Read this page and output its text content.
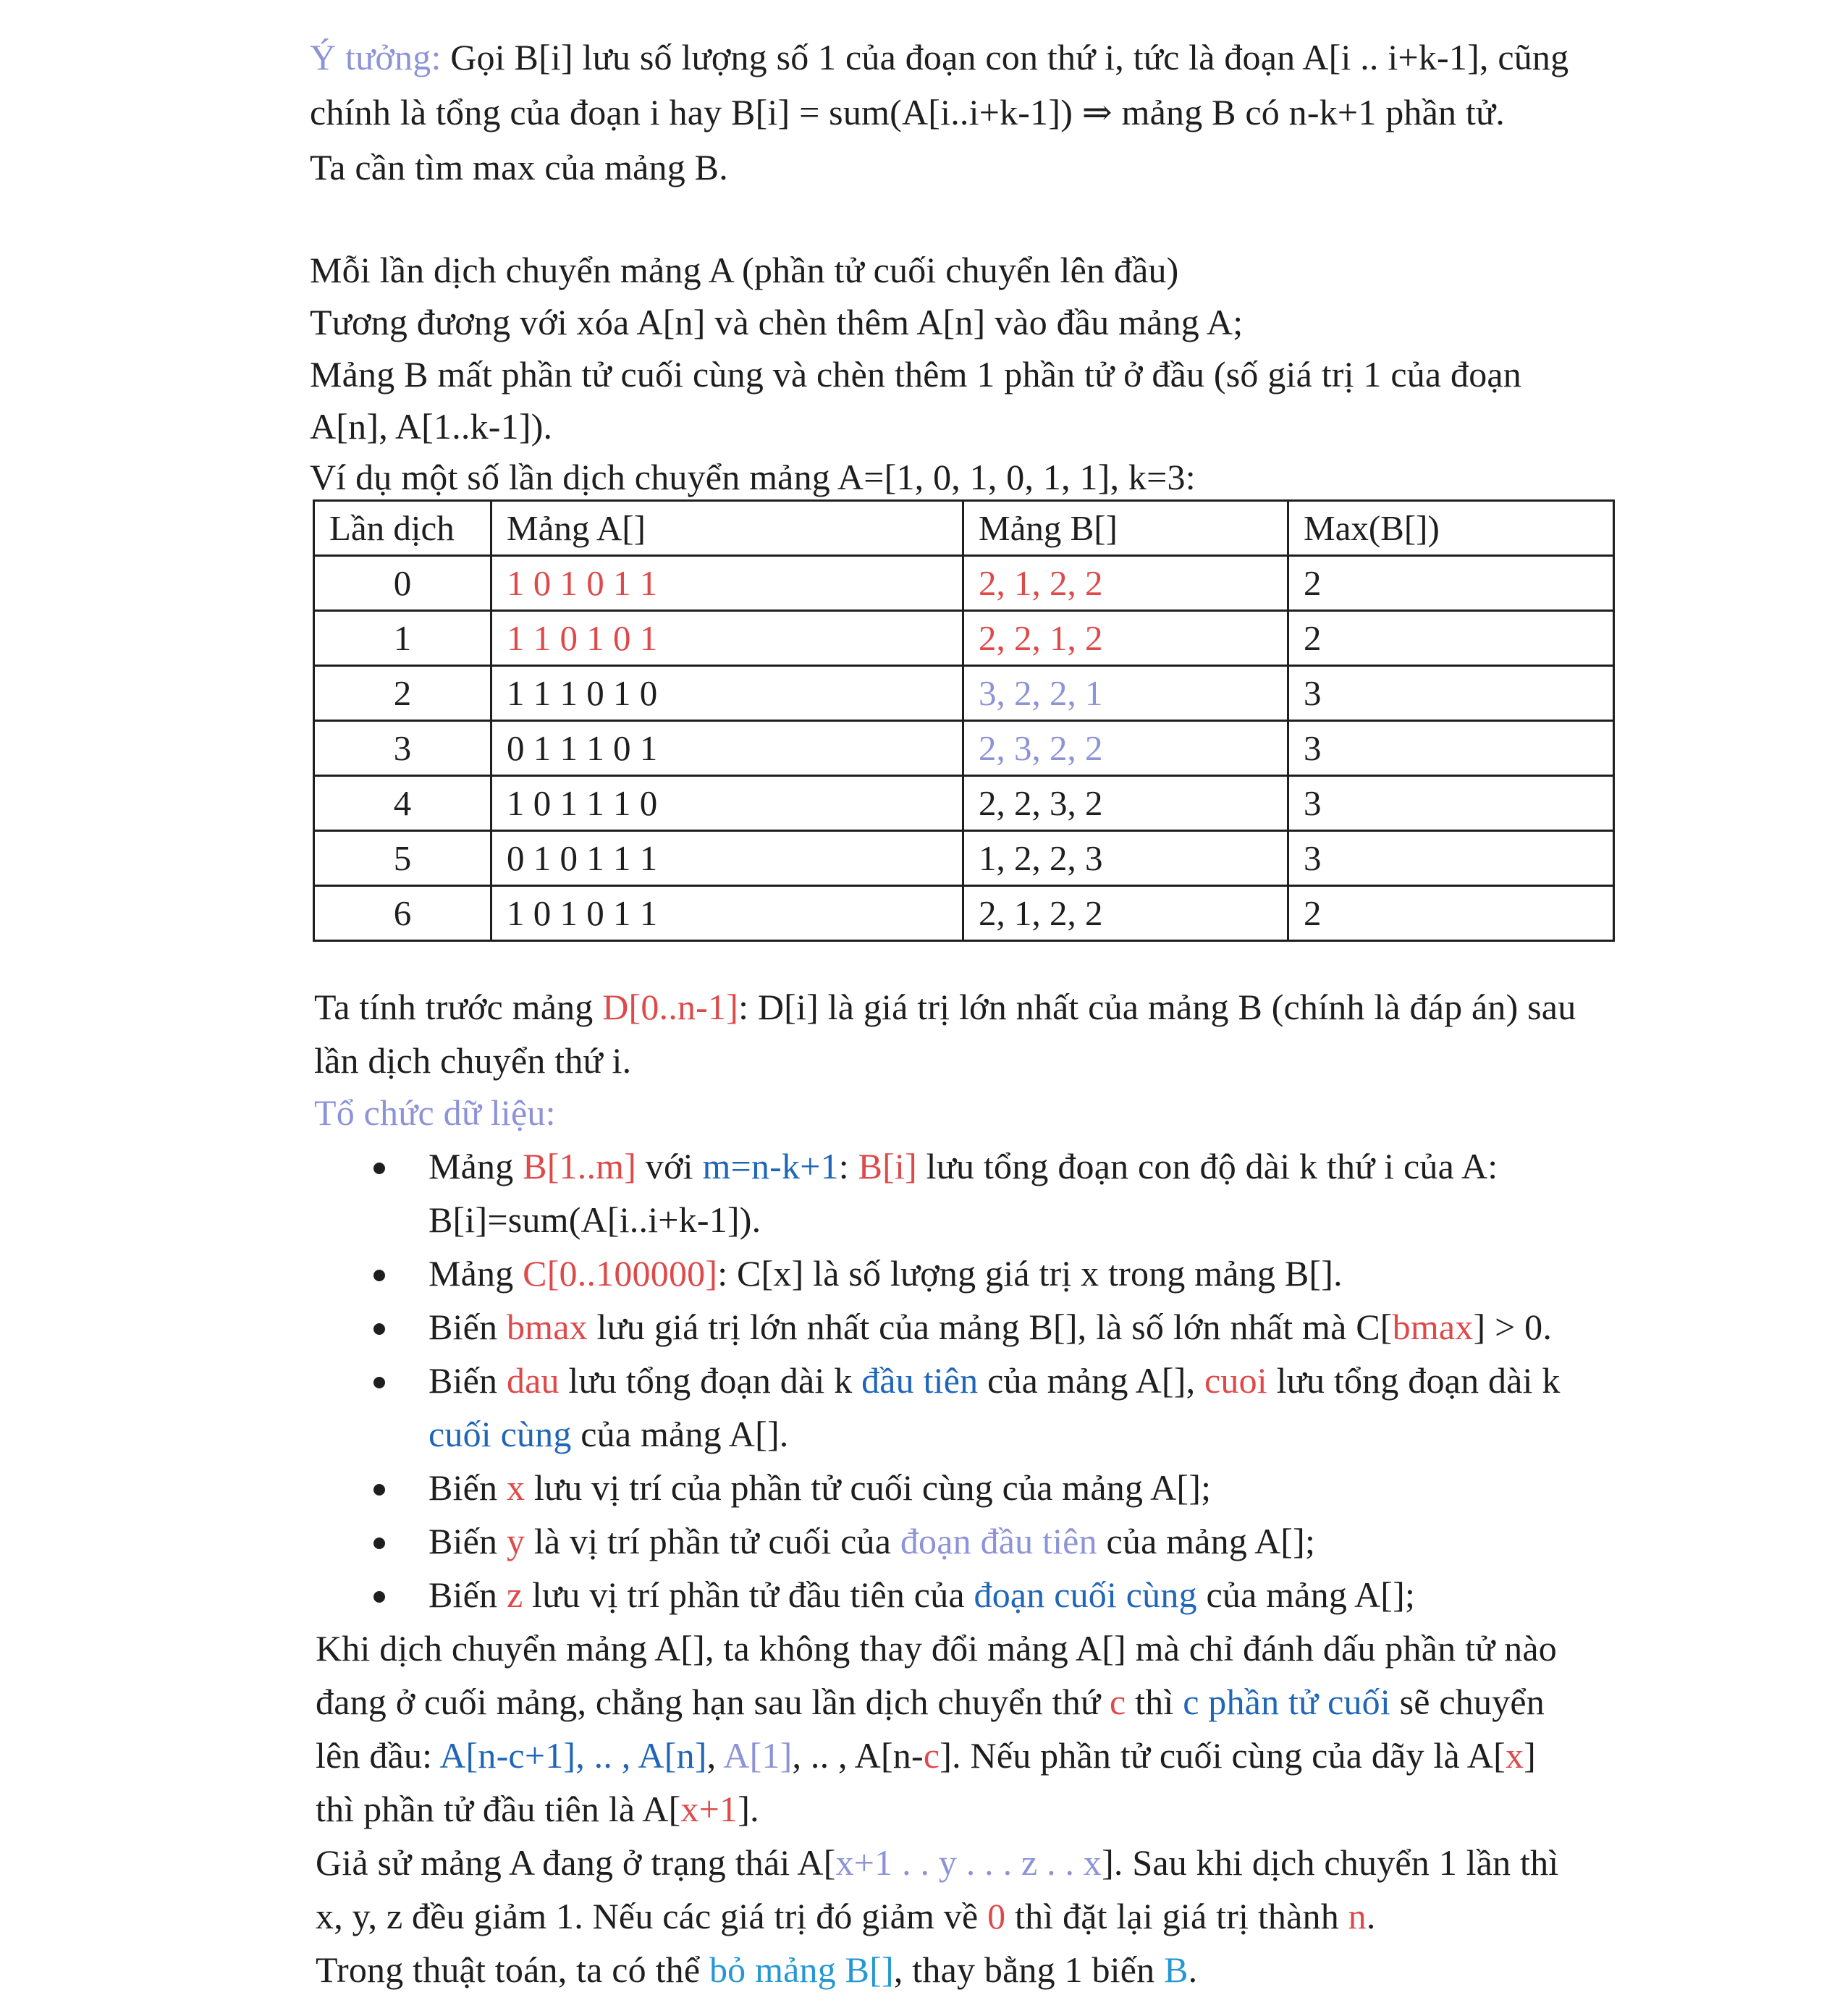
Ý tưởng: Gọi B[i] lưu số lượng số 1 của đoạn con thứ i, tức là đoạn A[i .. i+k-1], cũng
chính là tổng của đoạn i hay B[i] = sum(A[i..i+k-1]) ⇒ mảng B có n-k+1 phần tử.
Ta cần tìm max của mảng B.
Mỗi lần dịch chuyển mảng A (phần tử cuối chuyển lên đầu)
Tương đương với xóa A[n] và chèn thêm A[n] vào đầu mảng A;
Mảng B mất phần tử cuối cùng và chèn thêm 1 phần tử ở đầu (số giá trị 1 của đoạn
A[n], A[1..k-1]).
Ví dụ một số lần dịch chuyển mảng A=[1, 0, 1, 0, 1, 1], k=3:
Lần dịch	Mảng A[]	Mảng B[]	Max(B[])
0	1 0 1 0 1 1	2, 1, 2, 2	2
1	1 1 0 1 0 1	2, 2, 1, 2	2
2	1 1 1 0 1 0	3, 2, 2, 1	3
3	0 1 1 1 0 1	2, 3, 2, 2	3
4	1 0 1 1 1 0	2, 2, 3, 2	3
5	0 1 0 1 1 1	1, 2, 2, 3	3
6	1 0 1 0 1 1	2, 1, 2, 2	2
Ta tính trước mảng D[0..n-1]: D[i] là giá trị lớn nhất của mảng B (chính là đáp án) sau
lần dịch chuyển thứ i.
Tổ chức dữ liệu:
Mảng B[1..m] với m=n-k+1: B[i] lưu tổng đoạn con độ dài k thứ i của A:
B[i]=sum(A[i..i+k-1]).
Mảng C[0..100000]: C[x] là số lượng giá trị x trong mảng B[].
Biến bmax lưu giá trị lớn nhất của mảng B[], là số lớn nhất mà C[bmax] > 0.
Biến dau lưu tổng đoạn dài k đầu tiên của mảng A[], cuoi lưu tổng đoạn dài k
cuối cùng của mảng A[].
Biến x lưu vị trí của phần tử cuối cùng của mảng A[];
Biến y là vị trí phần tử cuối của đoạn đầu tiên của mảng A[];
Biến z lưu vị trí phần tử đầu tiên của đoạn cuối cùng của mảng A[];
Khi dịch chuyển mảng A[], ta không thay đổi mảng A[] mà chỉ đánh dấu phần tử nào
đang ở cuối mảng, chẳng hạn sau lần dịch chuyển thứ c thì c phần tử cuối sẽ chuyển
lên đầu: A[n-c+1], .. , A[n], A[1], .. , A[n-c]. Nếu phần tử cuối cùng của dãy là A[x]
thì phần tử đầu tiên là A[x+1].
Giả sử mảng A đang ở trạng thái A[x+1 . . y . . . z . . x]. Sau khi dịch chuyển 1 lần thì
x, y, z đều giảm 1. Nếu các giá trị đó giảm về 0 thì đặt lại giá trị thành n.
Trong thuật toán, ta có thể bỏ mảng B[], thay bằng 1 biến B.
